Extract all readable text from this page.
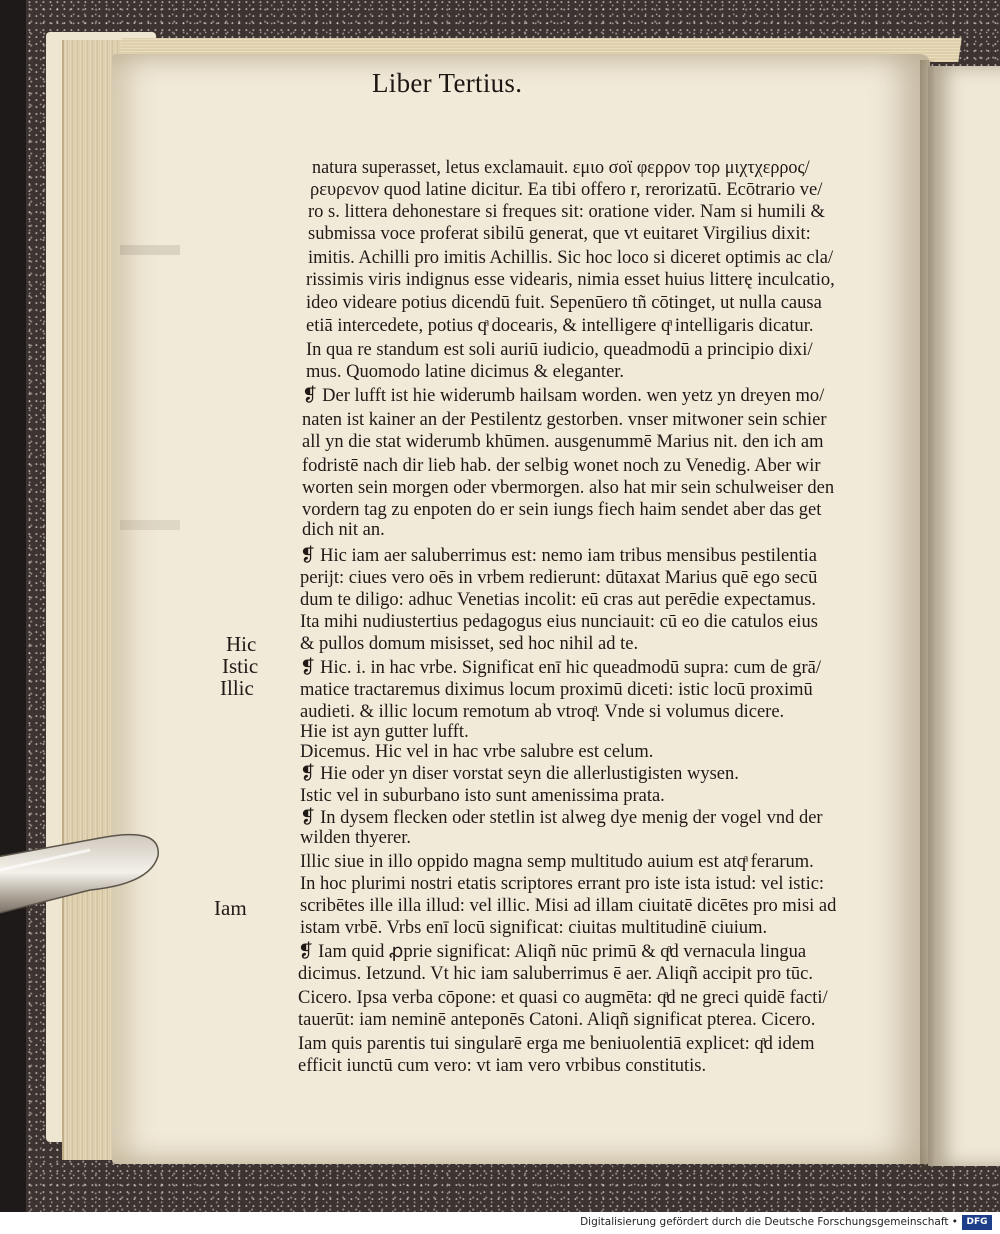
Liber Tertius.
natura superasset, letus exclamauit. εμιο σοϊ φερρον τορ μιχτχερρος/
ρευρενον quod latine dicitur. Ea tibi offero r, rerorizatū. Ecōtrario ve/
ro s. littera dehonestare si freques sit: oratione vider. Nam si humili &
submissa voce proferat sibilū generat, que vt euitaret Virgilius dixit:
imitis. Achilli pro imitis Achillis. Sic hoc loco si diceret optimis ac cla/
rissimis viris indignus esse videaris, nimia esset huius litterę inculcatio,
ideo videare potius dicendū fuit. Sepenūero tñ cōtinget, ut nulla causa
etiā intercedete, potius qͣ docearis, & intelligere qͣ intelligaris dicatur.
In qua re standum est soli auriū iudicio, queadmodū a principio dixi/
mus. Quomodo latine dicimus & eleganter.
❡ Der lufft ist hie widerumb hailsam worden. wen yetz yn dreyen mo/
naten ist kainer an der Pestilentz gestorben. vnser mitwoner sein schier
all yn die stat widerumb khūmen. ausgenummē Marius nit. den ich am
fodristē nach dir lieb hab. der selbig wonet noch zu Venedig. Aber wir
worten sein morgen oder vbermorgen. also hat mir sein schulweiser den
vordern tag zu enpoten do er sein iungs fiech haim sendet aber das get
dich nit an.
❡ Hic iam aer saluberrimus est: nemo iam tribus mensibus pestilentia
perijt: ciues vero oēs in vrbem redierunt: dūtaxat Marius quē ego secū
dum te diligo: adhuc Venetias incolit: eū cras aut perēdie expectamus.
Ita mihi nudiustertius pedagogus eius nunciauit: cū eo die catulos eius
& pullos domum misisset, sed hoc nihil ad te.
❡ Hic. i. in hac vrbe. Significat enī hic queadmodū supra: cum de grā/
matice tractaremus diximus locum proximū diceti: istic locū proximū
audieti. & illic locum remotum ab vtroqͣ. Vnde si volumus dicere.
Hie ist ayn gutter lufft.
Dicemus. Hic vel in hac vrbe salubre est celum.
❡ Hie oder yn diser vorstat seyn die allerlustigisten wysen.
Istic vel in suburbano isto sunt amenissima prata.
❡ In dysem flecken oder stetlin ist alweg dye menig der vogel vnd der
wilden thyerer.
Illic siue in illo oppido magna semp multitudo auium est atqͣ ferarum.
In hoc plurimi nostri etatis scriptores errant pro iste ista istud: vel istic:
scribētes ille illa illud: vel illic. Misi ad illam ciuitatē dicētes pro misi ad
istam vrbē. Vrbs enī locū significat: ciuitas multitudinē ciuium.
❡ Iam quid ꝓprie significat: Aliqñ nūc primū & qͣd vernacula lingua
dicimus. Ietzund. Vt hic iam saluberrimus ē aer. Aliqñ accipit pro tūc.
Cicero. Ipsa verba cōpone: et quasi co augmēta: qͣd ne greci quidē facti/
tauerūt: iam neminē anteponēs Catoni. Aliqñ significat pterea. Cicero.
Iam quis parentis tui singularē erga me beniuolentiā explicet: qͣd idem
efficit iunctū cum vero: vt iam vero vrbibus constitutis.
Hic
Istic
Illic
Iam
Digitalisierung gefördert durch die Deutsche Forschungsgemeinschaft • DFG
